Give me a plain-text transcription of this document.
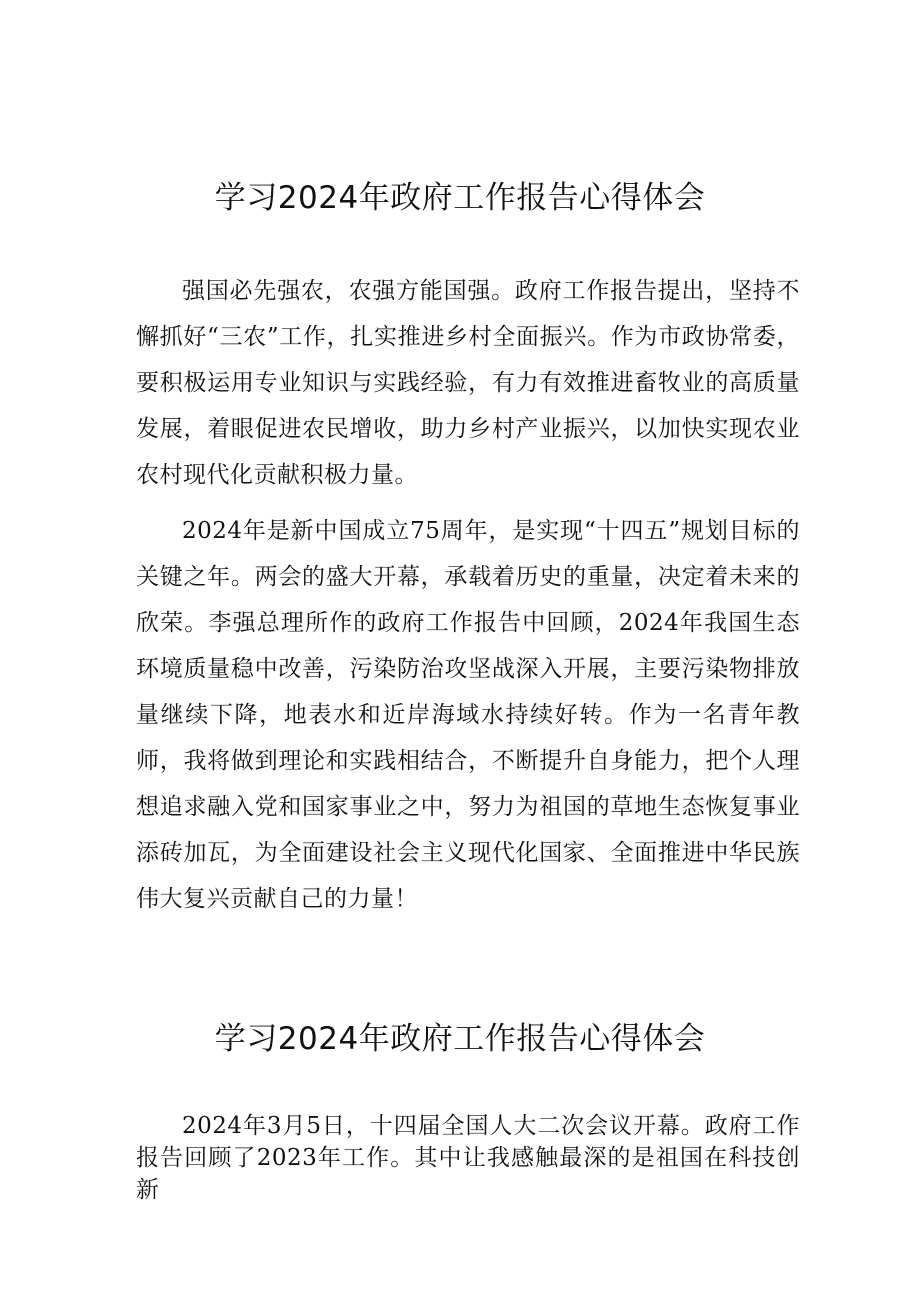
学习2024年政府工作报告心得体会

强国必先强农，农强方能国强。政府工作报告提出，坚持不懈抓好“三农”工作，扎实推进乡村全面振兴。作为市政协常委，要积极运用专业知识与实践经验，有力有效推进畜牧业的高质量发展，着眼促进农民增收，助力乡村产业振兴，以加快实现农业农村现代化贡献积极力量。

2024年是新中国成立75周年，是实现“十四五”规划目标的关键之年。两会的盛大开幕，承载着历史的重量，决定着未来的欣荣。李强总理所作的政府工作报告中回顾，2024年我国生态环境质量稳中改善，污染防治攻坚战深入开展，主要污染物排放量继续下降，地表水和近岸海域水持续好转。作为一名青年教师，我将做到理论和实践相结合，不断提升自身能力，把个人理想追求融入党和国家事业之中，努力为祖国的草地生态恢复事业添砖加瓦，为全面建设社会主义现代化国家、全面推进中华民族伟大复兴贡献自己的力量！

学习2024年政府工作报告心得体会

2024年3月5日，十四届全国人大二次会议开幕。政府工作报告回顾了2023年工作。其中让我感触最深的是祖国在科技创新
